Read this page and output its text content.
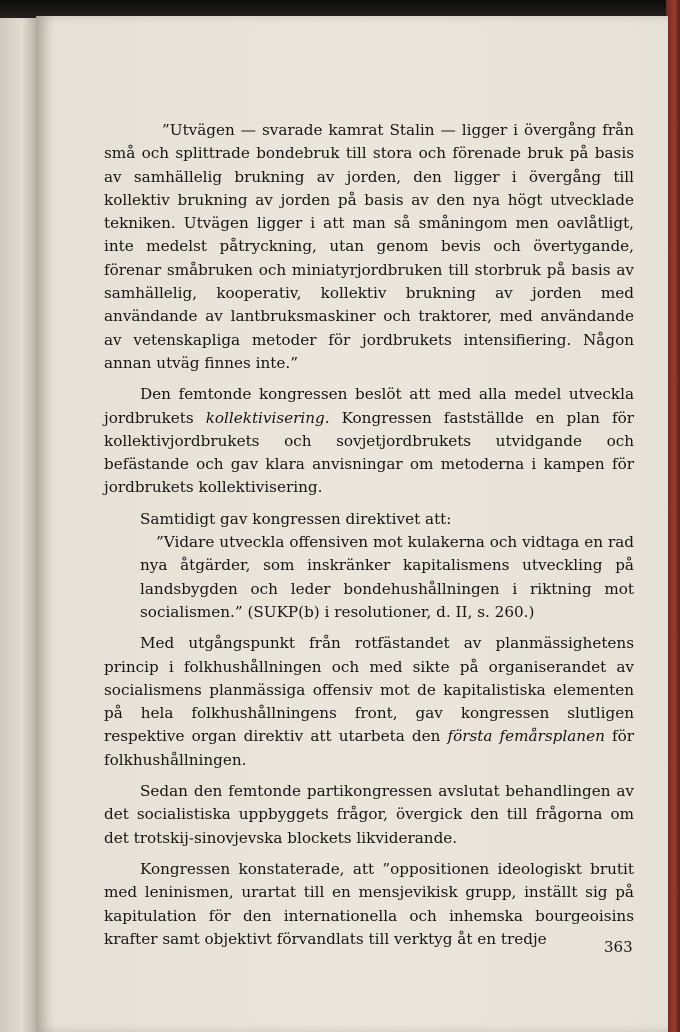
”Utvägen — svarade kamrat Stalin — ligger i övergång från små och splittrade bondebruk till stora och förenade bruk på basis av samhällelig brukning av jorden, den ligger i övergång till kollektiv brukning av jorden på basis av den nya högt utvecklade tekniken. Utvägen ligger i att man så småningom men oavlåtligt, inte medelst påtryckning, utan genom bevis och övertygande, förenar småbruken och miniatyrjordbruken till storbruk på basis av samhällelig, kooperativ, kollektiv brukning av jorden med användande av lantbruksmaskiner och traktorer, med användande av vetenskapliga metoder för jordbrukets intensifiering. Någon annan utväg finnes inte.”

Den femtonde kongressen beslöt att med alla medel utveckla jordbrukets kollektivisering. Kongressen fastställde en plan för kollektivjordbrukets och sovjetjordbrukets utvidgande och befästande och gav klara anvisningar om metoderna i kampen för jordbrukets kollektivisering.

Samtidigt gav kongressen direktivet att:

”Vidare utveckla offensiven mot kulakerna och vidtaga en rad nya åtgärder, som inskränker kapitalismens utveckling på landsbygden och leder bondehushållningen i riktning mot socialismen.” (SUKP(b) i resolutioner, d. II, s. 260.)

Med utgångspunkt från rotfästandet av planmässighetens princip i folkhushållningen och med sikte på organiserandet av socialismens planmässiga offensiv mot de kapitalistiska elementen på hela folkhushållningens front, gav kongressen slutligen respektive organ direktiv att utarbeta den första femårsplanen för folkhushållningen.

Sedan den femtonde partikongressen avslutat behandlingen av det socialistiska uppbyggets frågor, övergick den till frågorna om det trotskij-sinovjevska blockets likviderande.

Kongressen konstaterade, att ”oppositionen ideologiskt brutit med leninismen, urartat till en mensjevikisk grupp, inställt sig på kapitulation för den internationella och inhemska bourgeoisins krafter samt objektivt förvandlats till verktyg åt en tredje	363
